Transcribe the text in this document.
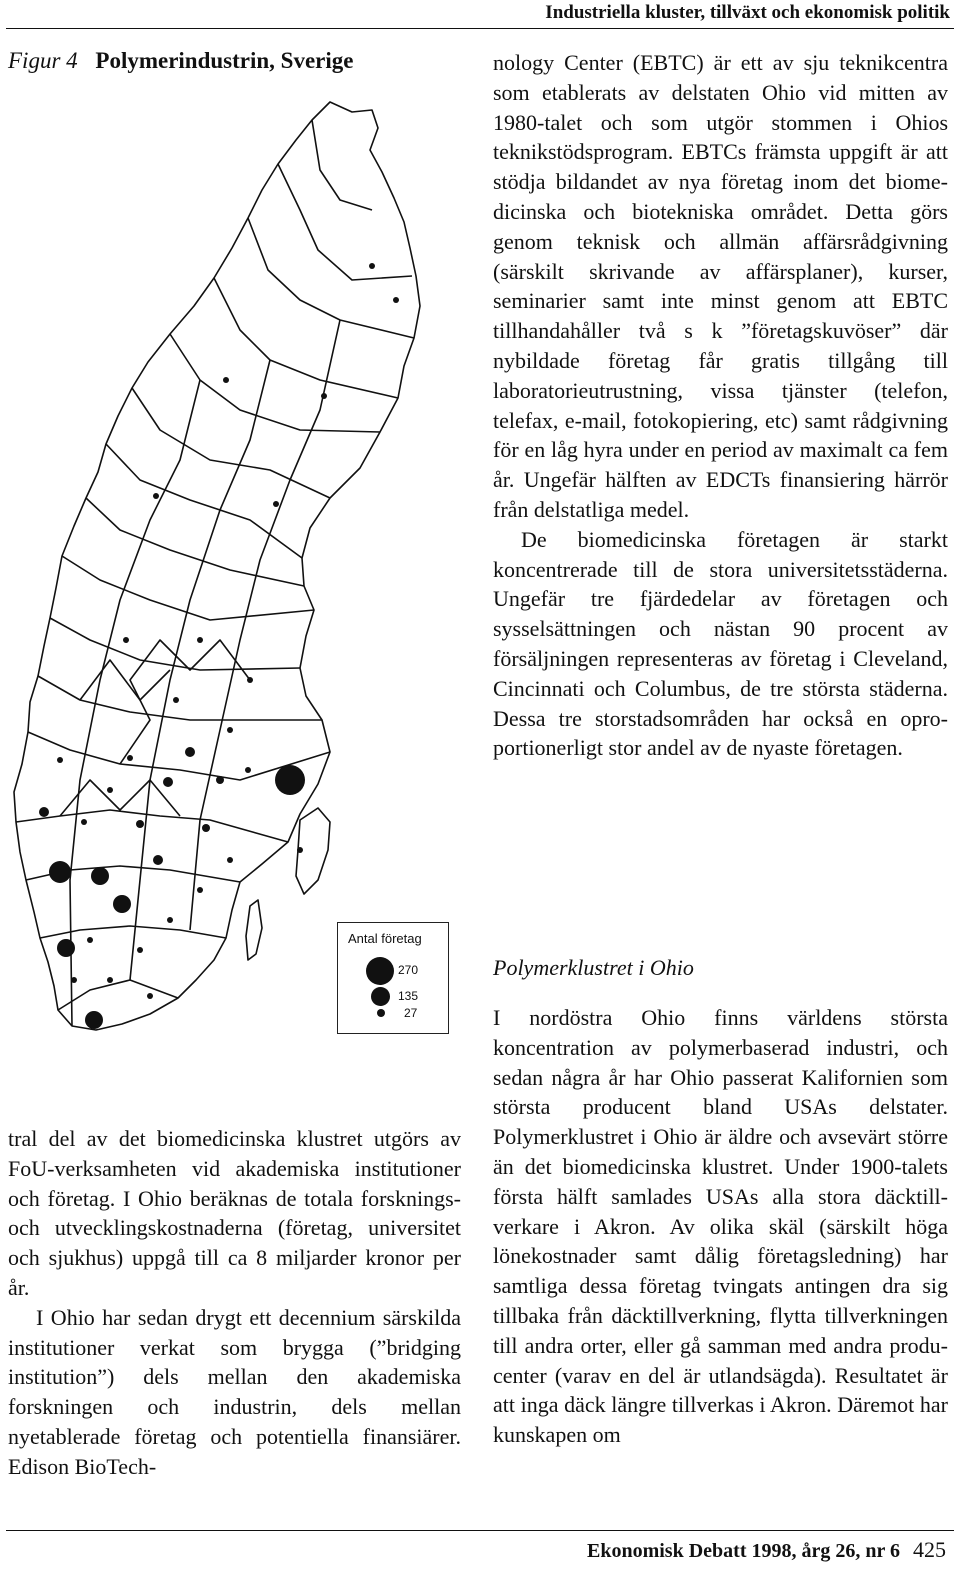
Industriella kluster, tillväxt och ekonomisk politik
Figur 4 Polymerindustrin, Sverige
Antal företag
270
135
27

nology Center (EBTC) är ett av sju teknikcentra som etablerats av delstaten Ohio vid mitten av 1980-talet och som utgör stommen i Ohios teknikstödsprogram. EBTCs främsta uppgift är att stödja bildandet av nya företag inom det biomedicinska och biotekniska området. Detta görs genom teknisk och allmän affärsrådgivning (särskilt skrivande av affärsplaner), kurser, seminarier samt inte minst genom att EBTC tillhandahåller två s k ”företagskuvöser” där nybildade företag får gratis tillgång till laboratorieutrustning, vissa tjänster (telefon, telefax, e-mail, fotokopiering, etc) samt rådgivning för en låg hyra under en period av maximalt ca fem år. Ungefär hälften av EDCTs finansiering härrör från delstatliga medel.

De biomedicinska företagen är starkt koncentrerade till de stora universitetsstäderna. Ungefär tre fjärdedelar av företagen och sysselsättningen och nästan 90 procent av försäljningen representeras av företag i Cleveland, Cincinnati och Columbus, de tre största städerna. Dessa tre storstadsområden har också en oproportionerligt stor andel av de nyaste företagen.

Polymerklustret i Ohio

I nordöstra Ohio finns världens största koncentration av polymerbaserad industri, och sedan några år har Ohio passerat Kalifornien som största producent bland USAs delstater. Polymerklustret i Ohio är äldre och avsevärt större än det biomedicinska klustret. Under 1900-talets första hälft samlades USAs alla stora däcktillverkare i Akron. Av olika skäl (särskilt höga lönekostnader samt dålig företagsledning) har samtliga dessa företag tvingats antingen dra sig tillbaka från däcktillverkning, flytta tillverkningen till andra orter, eller gå samman med andra producenter (varav en del är utlandsägda). Resultatet är att inga däck längre tillverkas i Akron. Däremot har kunskapen om

tral del av det biomedicinska klustret utgörs av FoU-verksamheten vid akademiska institutioner och företag. I Ohio beräknas de totala forsknings- och utvecklingskostnaderna (företag, universitet och sjukhus) uppgå till ca 8 miljarder kronor per år.

I Ohio har sedan drygt ett decennium särskilda institutioner verkat som brygga (”bridging institution”) dels mellan den akademiska forskningen och industrin, dels mellan nyetablerade företag och potentiella finansiärer. Edison BioTech-

Ekonomisk Debatt 1998, årg 26, nr 6 425
